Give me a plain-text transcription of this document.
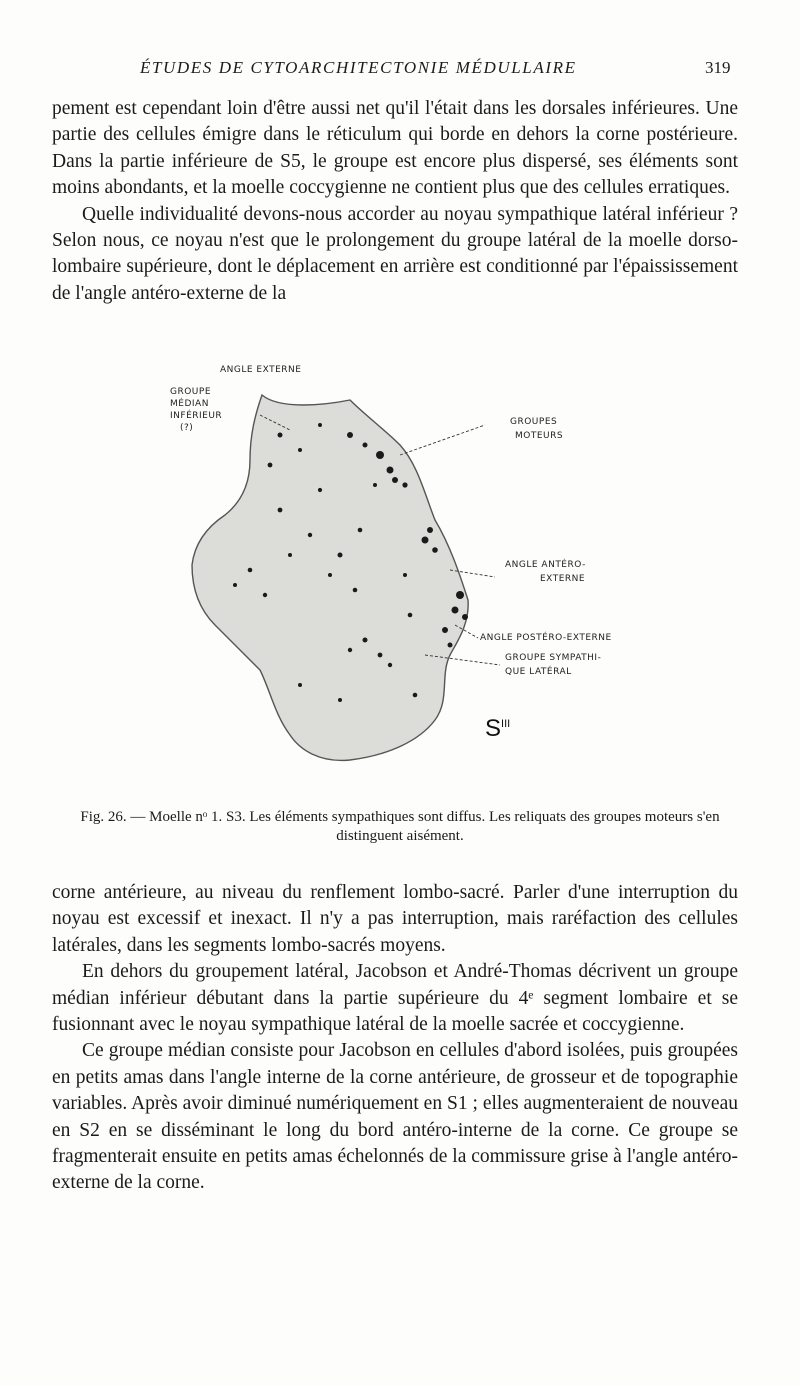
ÉTUDES DE CYTOARCHITECTONIE MÉDULLAIRE	319

pement est cependant loin d'être aussi net qu'il l'était dans les dorsales inférieures. Une partie des cellules émigre dans le réticulum qui borde en dehors la corne postérieure. Dans la partie inférieure de S5, le groupe est encore plus dispersé, ses éléments sont moins abondants, et la moelle coccygienne ne contient plus que des cellules erratiques.

Quelle individualité devons-nous accorder au noyau sympathique latéral inférieur ? Selon nous, ce noyau n'est que le prolongement du groupe latéral de la moelle dorso-lombaire supérieure, dont le déplacement en arrière est conditionné par l'épaississement de l'angle antéro-externe de la

ANGLE EXTERNE
GROUPE
MÉDIAN
INFÉRIEUR
(?)
GROUPES
MOTEURS
ANGLE ANTÉRO-
EXTERNE
ANGLE POSTÉRO-EXTERNE
GROUPE SYMPATHI-
QUE LATÉRAL
$S^{III}$
Fig. 26. — Moelle nᵒ 1. S3. Les éléments sympathiques sont diffus. Les reliquats des groupes moteurs s'en distinguent aisément.

corne antérieure, au niveau du renflement lombo-sacré. Parler d'une interruption du noyau est excessif et inexact. Il n'y a pas interruption, mais raréfaction des cellules latérales, dans les segments lombo-sacrés moyens.

En dehors du groupement latéral, Jacobson et André-Thomas décrivent un groupe médian inférieur débutant dans la partie supérieure du 4ᵉ segment lombaire et se fusionnant avec le noyau sympathique latéral de la moelle sacrée et coccygienne.

Ce groupe médian consiste pour Jacobson en cellules d'abord isolées, puis groupées en petits amas dans l'angle interne de la corne antérieure, de grosseur et de topographie variables. Après avoir diminué numériquement en S1 ; elles augmenteraient de nouveau en S2 en se disséminant le long du bord antéro-interne de la corne. Ce groupe se fragmenterait ensuite en petits amas échelonnés de la commissure grise à l'angle antéro-externe de la corne.
